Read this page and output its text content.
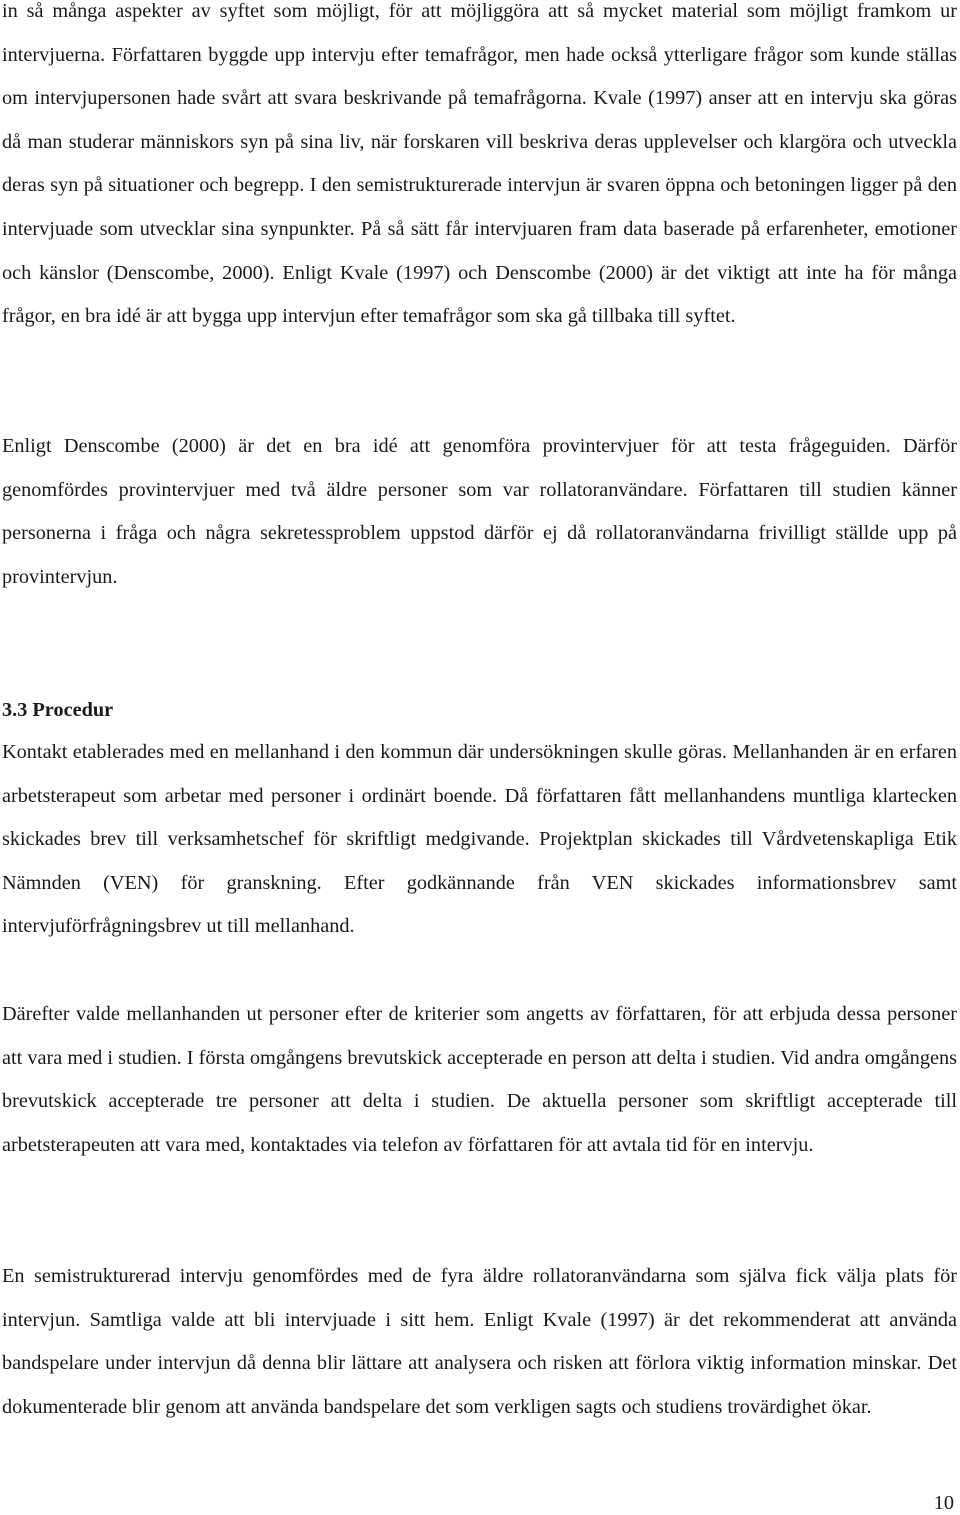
in så många aspekter av syftet som möjligt, för att möjliggöra att så mycket material som möjligt framkom ur intervjuerna. Författaren byggde upp intervju efter temafrågor, men hade också ytterligare frågor som kunde ställas om intervjupersonen hade svårt att svara beskrivande på temafrågorna. Kvale (1997) anser att en intervju ska göras då man studerar människors syn på sina liv, när forskaren vill beskriva deras upplevelser och klargöra och utveckla deras syn på situationer och begrepp. I den semistrukturerade intervjun är svaren öppna och betoningen ligger på den intervjuade som utvecklar sina synpunkter. På så sätt får intervjuaren fram data baserade på erfarenheter, emotioner och känslor (Denscombe, 2000). Enligt Kvale (1997) och Denscombe (2000) är det viktigt att inte ha för många frågor, en bra idé är att bygga upp intervjun efter temafrågor som ska gå tillbaka till syftet.

Enligt Denscombe (2000) är det en bra idé att genomföra provintervjuer för att testa frågeguiden. Därför genomfördes provintervjuer med två äldre personer som var rollatoranvändare. Författaren till studien känner personerna i fråga och några sekretessproblem uppstod därför ej då rollatoranvändarna frivilligt ställde upp på provintervjun.

3.3 Procedur

Kontakt etablerades med en mellanhand i den kommun där undersökningen skulle göras. Mellanhanden är en erfaren arbetsterapeut som arbetar med personer i ordinärt boende. Då författaren fått mellanhandens muntliga klartecken skickades brev till verksamhetschef för skriftligt medgivande. Projektplan skickades till Vårdvetenskapliga Etik Nämnden (VEN) för granskning. Efter godkännande från VEN skickades informationsbrev samt intervjuförfrågningsbrev ut till mellanhand.

Därefter valde mellanhanden ut personer efter de kriterier som angetts av författaren, för att erbjuda dessa personer att vara med i studien. I första omgångens brevutskick accepterade en person att delta i studien. Vid andra omgångens brevutskick accepterade tre personer att delta i studien. De aktuella personer som skriftligt accepterade till arbetsterapeuten att vara med, kontaktades via telefon av författaren för att avtala tid för en intervju.

En semistrukturerad intervju genomfördes med de fyra äldre rollatoranvändarna som själva fick välja plats för intervjun. Samtliga valde att bli intervjuade i sitt hem. Enligt Kvale (1997) är det rekommenderat att använda bandspelare under intervjun då denna blir lättare att analysera och risken att förlora viktig information minskar. Det dokumenterade blir genom att använda bandspelare det som verkligen sagts och studiens trovärdighet ökar.

10
